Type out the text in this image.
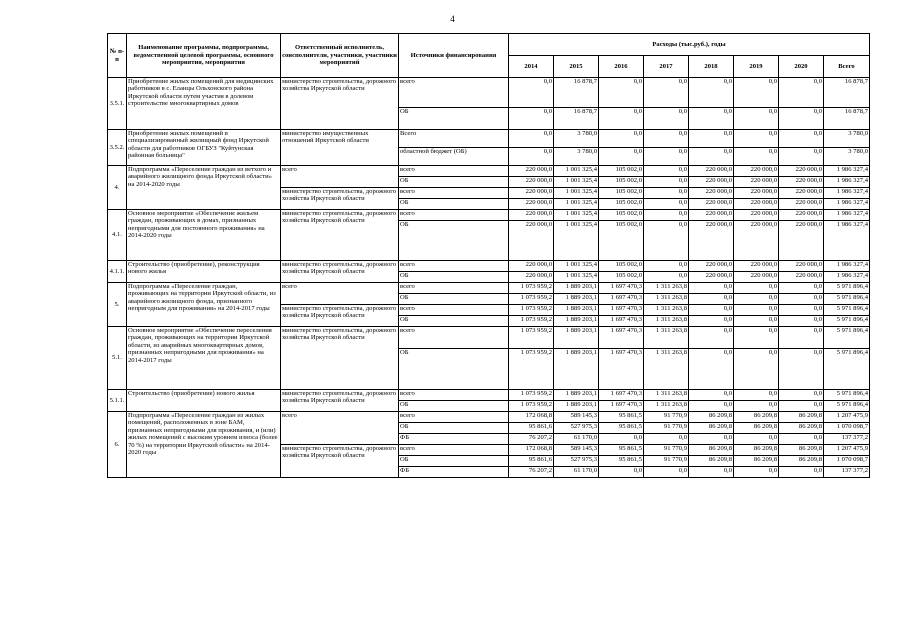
4
№ п-п	Наименование программы, подпрограммы, ведомственной целевой программы, основного мероприятия, мероприятия	Ответственный исполнитель, соисполнители, участники, участники мероприятий	Источники финансирования	Расходы (тыс.руб.), годы							
				2014	2015	2016	2017	2018	2019	2020	Всего
3.5.1.	Приобретение жилых помещений для медицинских работников в с. Еланцы Ольхонского района Иркутской области путем участия в долевом строительстве многоквартирных домов	министерство строительства, дорожного хозяйства Иркутской области	всего	0,0	16 878,7	0,0	0,0	0,0	0,0	0,0	16 878,7
			ОБ	0,0	16 878,7	0,0	0,0	0,0	0,0	0,0	16 878,7
3.5.2.	Приобретение жилых помещений в специализированный жилищный фонд Иркутской области для работников ОГБУЗ "Куйтунская районная больница"	министерство имущественных отношений Иркутской области	Всего	0,0	3 780,0	0,0	0,0	0,0	0,0	0,0	3 780,0
			областной бюджет (ОБ)	0,0	3 780,0	0,0	0,0	0,0	0,0	0,0	3 780,0
4.	Подпрограмма «Переселение граждан из ветхого и аварийного жилищного фонда Иркутской области» на 2014-2020 годы	всего	всего	220 000,0	1 001 325,4	105 002,0	0,0	220 000,0	220 000,0	220 000,0	1 986 327,4
			ОБ	220 000,0	1 001 325,4	105 002,0	0,0	220 000,0	220 000,0	220 000,0	1 986 327,4
		министерство строительства, дорожного хозяйства Иркутской области	всего	220 000,0	1 001 325,4	105 002,0	0,0	220 000,0	220 000,0	220 000,0	1 986 327,4
			ОБ	220 000,0	1 001 325,4	105 002,0	0,0	220 000,0	220 000,0	220 000,0	1 986 327,4
4.1.	Основное мероприятие «Обеспечение жильем граждан, проживающих в домах, признанных непригодными для постоянного проживания» на 2014-2020 годы	министерство строительства, дорожного хозяйства Иркутской области	всего	220 000,0	1 001 325,4	105 002,0	0,0	220 000,0	220 000,0	220 000,0	1 986 327,4
			ОБ	220 000,0	1 001 325,4	105 002,0	0,0	220 000,0	220 000,0	220 000,0	1 986 327,4
4.1.1.	Строительство (приобретение), реконструкция нового жилья	министерство строительства, дорожного хозяйства Иркутской области	всего	220 000,0	1 001 325,4	105 002,0	0,0	220 000,0	220 000,0	220 000,0	1 986 327,4
			ОБ	220 000,0	1 001 325,4	105 002,0	0,0	220 000,0	220 000,0	220 000,0	1 986 327,4
5.	Подпрограмма «Переселение граждан, проживающих на территории Иркутской области, из аварийного жилищного фонда, признанного непригодным для проживания» на 2014-2017 годы	всего	всего	1 073 959,2	1 889 203,1	1 697 470,3	1 311 263,8	0,0	0,0	0,0	5 971 896,4
			ОБ	1 073 959,2	1 889 203,1	1 697 470,3	1 311 263,8	0,0	0,0	0,0	5 971 896,4
		министерство строительства, дорожного хозяйства Иркутской области	всего	1 073 959,2	1 889 203,1	1 697 470,3	1 311 263,8	0,0	0,0	0,0	5 971 896,4
			ОБ	1 073 959,2	1 889 203,1	1 697 470,3	1 311 263,8	0,0	0,0	0,0	5 971 896,4
5.1.	Основное мероприятие «Обеспечение переселения граждан, проживающих на территории Иркутской области, из аварийных многоквартирных домов, признанных непригодными для проживания» на 2014-2017 годы	министерство строительства, дорожного хозяйства Иркутской области	всего	1 073 959,2	1 889 203,1	1 697 470,3	1 311 263,8	0,0	0,0	0,0	5 971 896,4
			ОБ	1 073 959,2	1 889 203,1	1 697 470,3	1 311 263,8	0,0	0,0	0,0	5 971 896,4
5.1.1.	Строительство (приобретение) нового жилья	министерство строительства, дорожного хозяйства Иркутской области	всего	1 073 959,2	1 889 203,1	1 697 470,3	1 311 263,8	0,0	0,0	0,0	5 971 896,4
			ОБ	1 073 959,2	1 889 203,1	1 697 470,3	1 311 263,8	0,0	0,0	0,0	5 971 896,4
6.	Подпрограмма «Переселение граждан из жилых помещений, расположенных в зоне БАМ, признанных непригодными для проживания, и (или) жилых помещений с высоким уровнем износа (более 70 %) на территории Иркутской области» на 2014-2020 годы	всего	всего	172 068,8	589 145,3	95 861,5	91 770,9	86 209,8	86 209,8	86 209,8	1 207 475,9
			ОБ	95 861,6	527 975,3	95 861,5	91 770,9	86 209,8	86 209,8	86 209,8	1 070 098,7
			ФБ	76 207,2	61 170,0	0,0	0,0	0,0	0,0	0,0	137 377,2
		министерство строительства, дорожного хозяйства Иркутской области	всего	172 068,8	589 145,3	95 861,5	91 770,9	86 209,8	86 209,8	86 209,8	1 207 475,9
			ОБ	95 861,6	527 975,3	95 861,5	91 770,9	86 209,8	86 209,8	86 209,8	1 070 098,7
			ФБ	76 207,2	61 170,0	0,0	0,0	0,0	0,0	0,0	137 377,2
